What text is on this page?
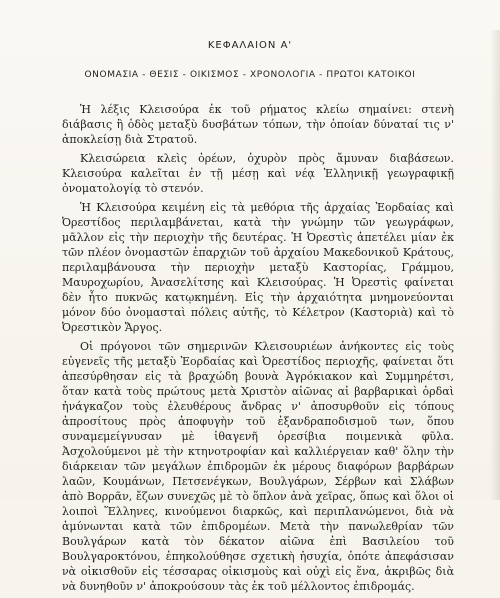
ΚΕΦΑΛΑΙΟΝ Α'
ΟΝΟΜΑΣΙΑ - ΘΕΣΙΣ - ΟΙΚΙΣΜΟΣ - ΧΡΟΝΟΛΟΓΙΑ - ΠΡΩΤΟΙ ΚΑΤΟΙΚΟΙ

Ἡ λέξις Κλεισούρα ἐκ τοῦ ρήματος κλείω σημαίνει: στενὴ διάβασις ἢ ὁδὸς μεταξὺ δυσβάτων τόπων, τὴν ὁποίαν δύναταί τις ν' ἀποκλείσῃ διὰ Στρατοῦ.

Κλεισώρεια κλεὶς ὀρέων, ὀχυρὸν πρὸς ἄμυναν διαβάσεων. Κλεισούρα καλεῖται ἐν τῇ μέσῃ καὶ νέᾳ Ἑλληνικῇ γεωγραφικῇ ὀνοματολογίᾳ τὸ στενόν.

Ἡ Κλεισούρα κειμένη εἰς τὰ μεθόρια τῆς ἀρχαίας Ἐορδαίας καὶ Ὀρεστίδος περιλαμβάνεται, κατὰ τὴν γνώμην τῶν γεωγράφων, μᾶλλον εἰς τὴν περιοχὴν τῆς δευτέρας. Ἡ Ὀρεστὶς ἀπετέλει μίαν ἐκ τῶν πλέον ὀνομαστῶν ἐπαρχιῶν τοῦ ἀρχαίου Μακεδονικοῦ Κράτους, περιλαμβάνουσα τὴν περιοχὴν μεταξὺ Καστορίας, Γράμμου, Μαυροχωρίου, Ἀνασελίτσης καὶ Κλεισούρας. Ἡ Ὀρεστὶς φαίνεται δὲν ἦτο πυκνῶς κατῳκημένη. Εἰς τὴν ἀρχαιότητα μνημονεύονται μόνον δύο ὀνομασταὶ πόλεις αὐτῆς, τὸ Κέλετρον (Καστοριὰ) καὶ τὸ Ὀρεστικὸν Ἄργος.

Οἱ πρόγονοι τῶν σημερινῶν Κλεισουριέων ἀνήκοντες εἰς τοὺς εὐγενεῖς τῆς μεταξὺ Ἐορδαίας καὶ Ὀρεστίδος περιοχῆς, φαίνεται ὅτι ἀπεσύρθησαν εἰς τὰ βραχώδη βουνὰ Ἀγρόκιακον καὶ Συμμηρέτσι, ὅταν κατὰ τοὺς πρώτους μετὰ Χριστὸν αἰῶνας αἱ βαρβαρικαὶ ὀρδαὶ ἠνάγκαζον τοὺς ἐλευθέρους ἄνδρας ν' ἀποσυρθοῦν εἰς τόπους ἀπροσίτους πρὸς ἀποφυγὴν τοῦ ἐξανδραποδισμοῦ των, ὅπου συναμεμείγνυσαν μὲ ἰθαγενῆ ὀρεσίβια ποιμενικὰ φῦλα. Ἀσχολούμενοι μὲ τὴν κτηνοτροφίαν καὶ καλλιέργειαν καθ' ὅλην τὴν διάρκειαν τῶν μεγάλων ἐπιδρομῶν ἐκ μέρους διαφόρων βαρβάρων λαῶν, Κουμάνων, Πετσενέγκων, Βουλγάρων, Σέρβων καὶ Σλάβων ἀπὸ Βορρᾶν, ἔζων συνεχῶς μὲ τὸ ὅπλον ἀνὰ χεῖρας, ὅπως καὶ ὅλοι οἱ λοιποὶ Ἕλληνες, κινούμενοι διαρκῶς, καὶ περιπλανώμενοι, διὰ νὰ ἀμύνωνται κατὰ τῶν ἐπιδρομέων. Μετὰ τὴν πανωλεθρίαν τῶν Βουλγάρων κατὰ τὸν δέκατον αἰῶνα ἐπὶ Βασιλείου τοῦ Βουλγαροκτόνου, ἐπηκολούθησε σχετικὴ ἡσυχία, ὁπότε ἀπεφάσισαν νὰ οἰκισθοῦν εἰς τέσσαρας οἰκισμοὺς καὶ οὐχὶ εἰς ἕνα, ἀκριβῶς διὰ νὰ δυνηθοῦν ν' ἀποκρούσουν τὰς ἐκ τοῦ μέλλοντος ἐπιδρομάς.
